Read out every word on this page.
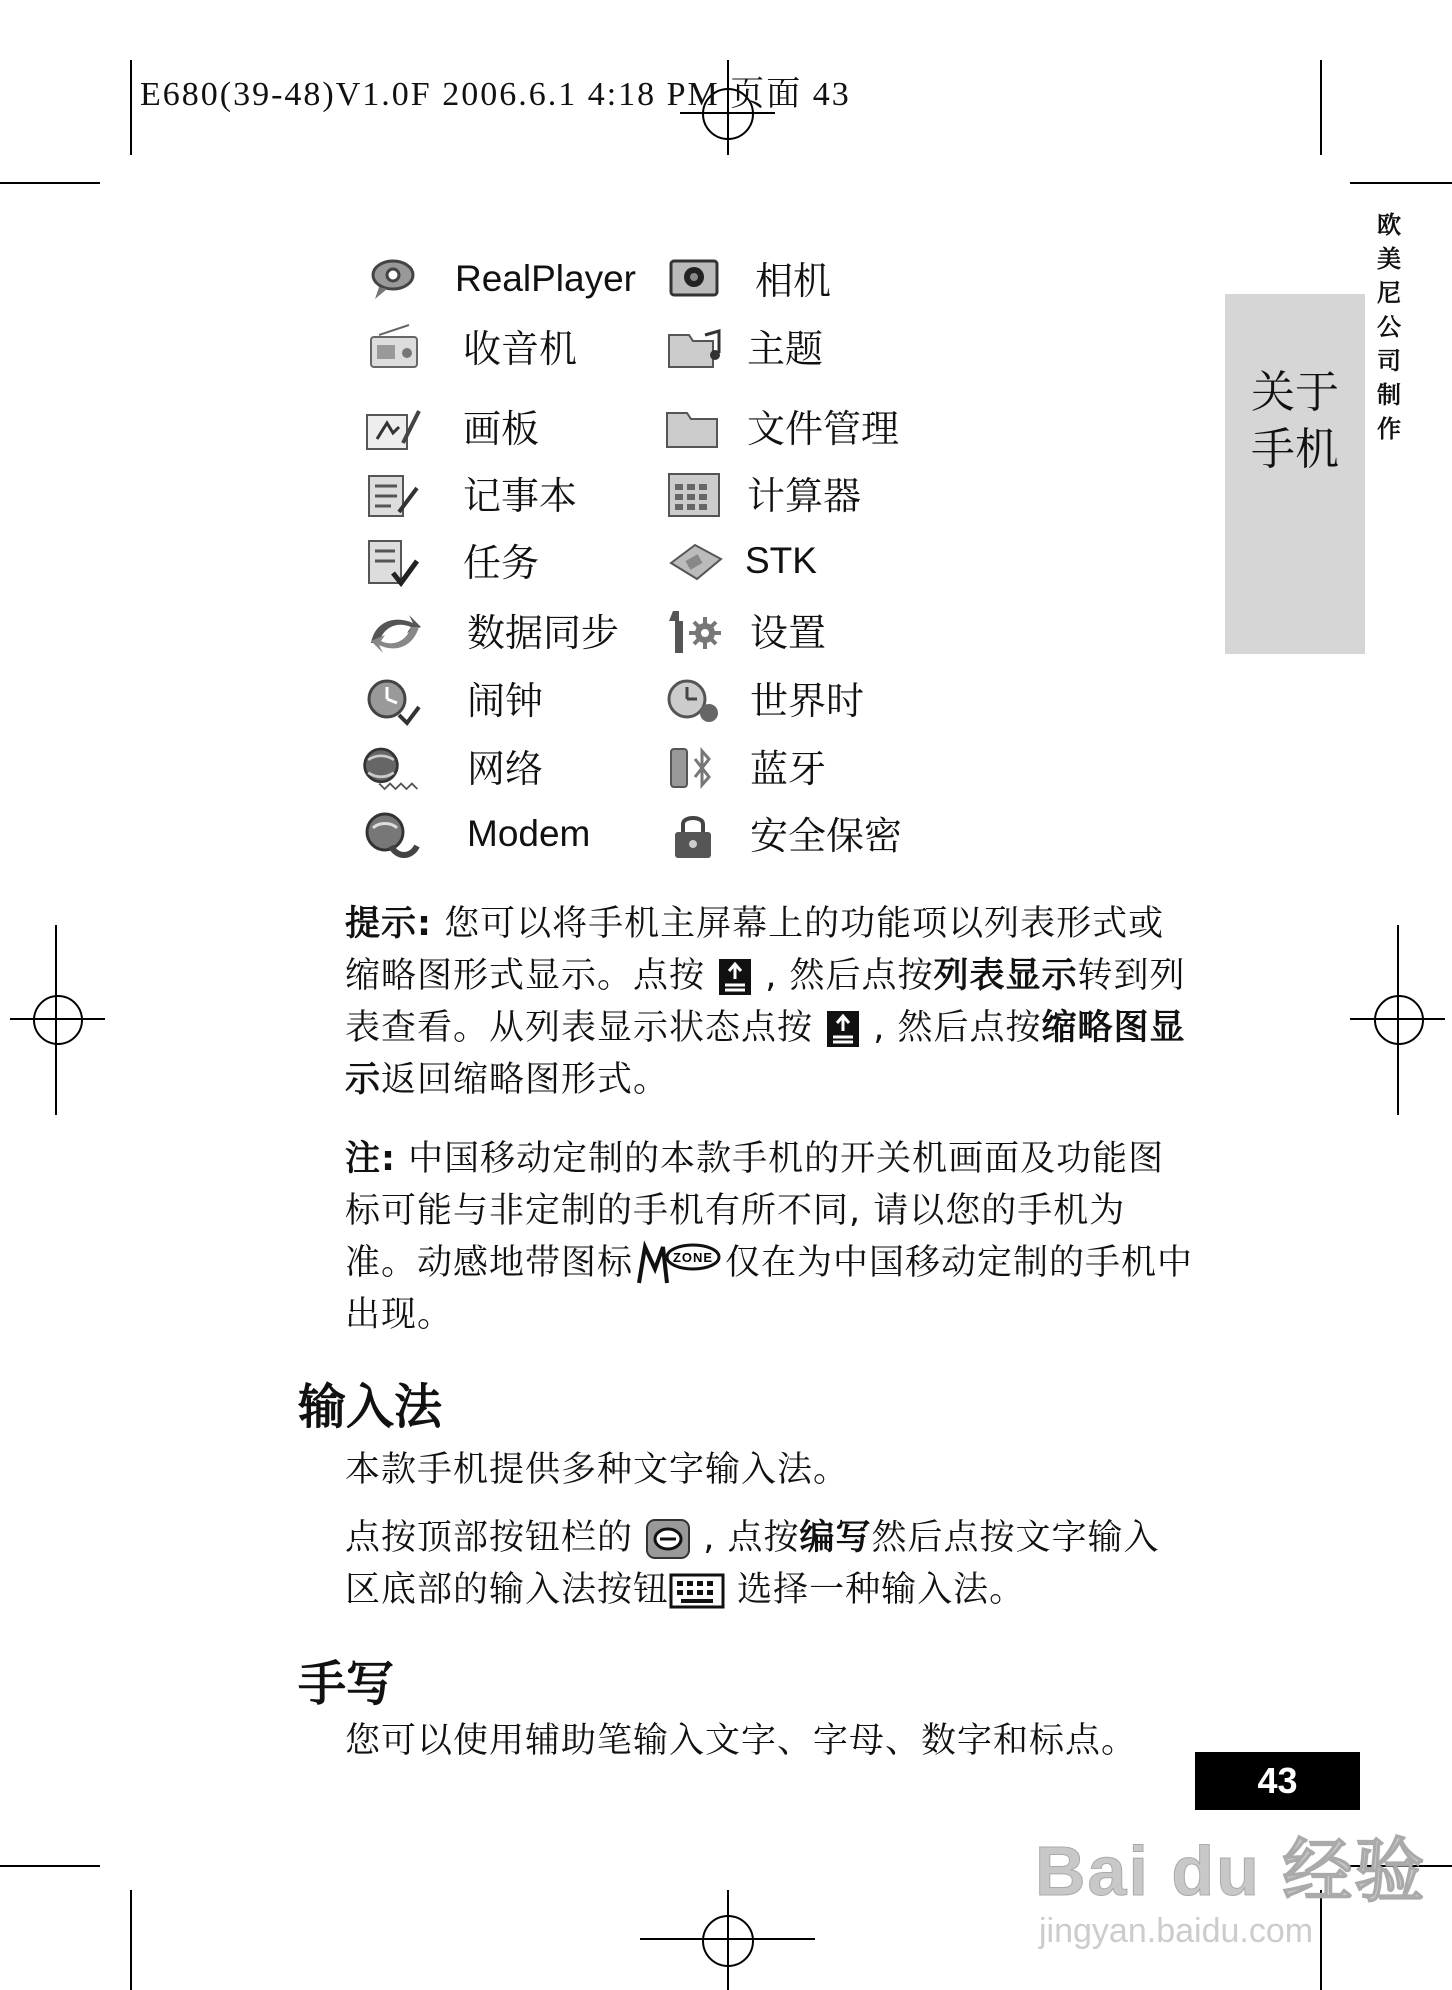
E680(39-48)V1.0F 2006.6.1 4:18 PM 页面 43
欧美尼公司制作
关于手机
RealPlayer	相机
收音机	主题
画板	文件管理
记事本	计算器
任务	STK
数据同步	设置
闹钟	世界时
网络	蓝牙
Modem	安全保密
提示: 您可以将手机主屏幕上的功能项以列表形式或缩略图形式显示。点按  , 然后点按列表显示转到列表查看。从列表显示状态点按  , 然后点按缩略图显示返回缩略图形式。
注: 中国移动定制的本款手机的开关机画面及功能图标可能与非定制的手机有所不同, 请以您的手机为准。动感地带图标	ZONE 仅在为中国移动定制的手机中出现。
输入法
本款手机提供多种文字输入法。
点按顶部按钮栏的  , 点按编写然后点按文字输入区底部的输入法按钮 选择一种输入法。
手写
您可以使用辅助笔输入文字、字母、数字和标点。
43
Bai du 经验
jingyan.baidu.com
